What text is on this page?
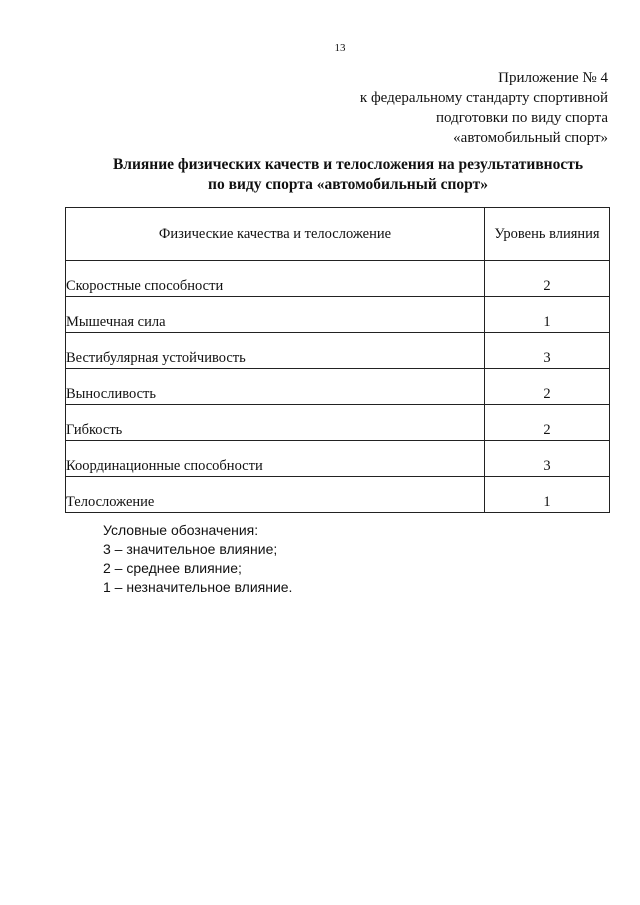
13
Приложение № 4
к федеральному стандарту спортивной
подготовки по виду спорта
«автомобильный спорт»
Влияние физических качеств и телосложения на результативность
по виду спорта «автомобильный спорт»
Физические качества и телосложение	Уровень влияния
Скоростные способности	2
Мышечная сила	1
Вестибулярная устойчивость	3
Выносливость	2
Гибкость	2
Координационные способности	3
Телосложение	1
Условные обозначения:
3 – значительное влияние;
2 – среднее влияние;
1 – незначительное влияние.
